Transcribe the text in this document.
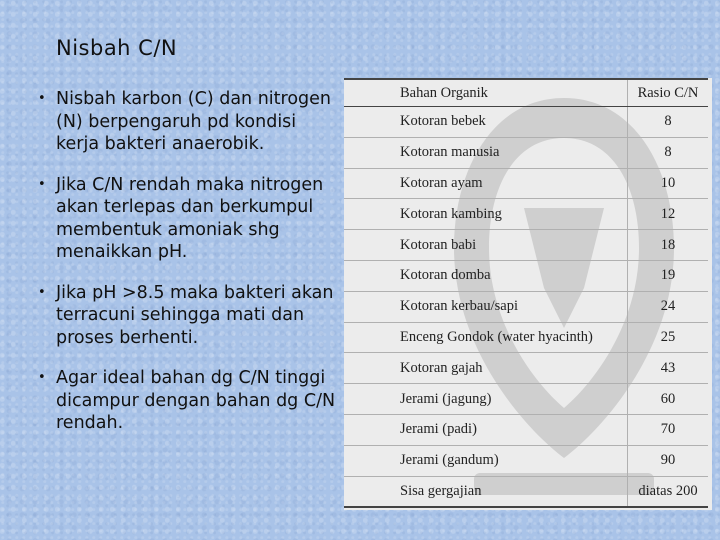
Nisbah C/N
• Nisbah karbon (C) dan nitrogen (N) berpengaruh pd kondisi kerja bakteri anaerobik.
• Jika C/N rendah maka nitrogen akan terlepas dan berkumpul membentuk amoniak shg menaikkan pH.
• Jika pH >8.5 maka bakteri akan terracuni sehingga mati dan proses berhenti.
• Agar ideal bahan dg C/N tinggi dicampur dengan bahan dg C/N rendah.
Bahan Organik	Rasio C/N
Kotoran bebek	8
Kotoran manusia	8
Kotoran ayam	10
Kotoran kambing	12
Kotoran babi	18
Kotoran domba	19
Kotoran kerbau/sapi	24
Enceng Gondok (water hyacinth)	25
Kotoran gajah	43
Jerami (jagung)	60
Jerami (padi)	70
Jerami (gandum)	90
Sisa gergajian	diatas 200
